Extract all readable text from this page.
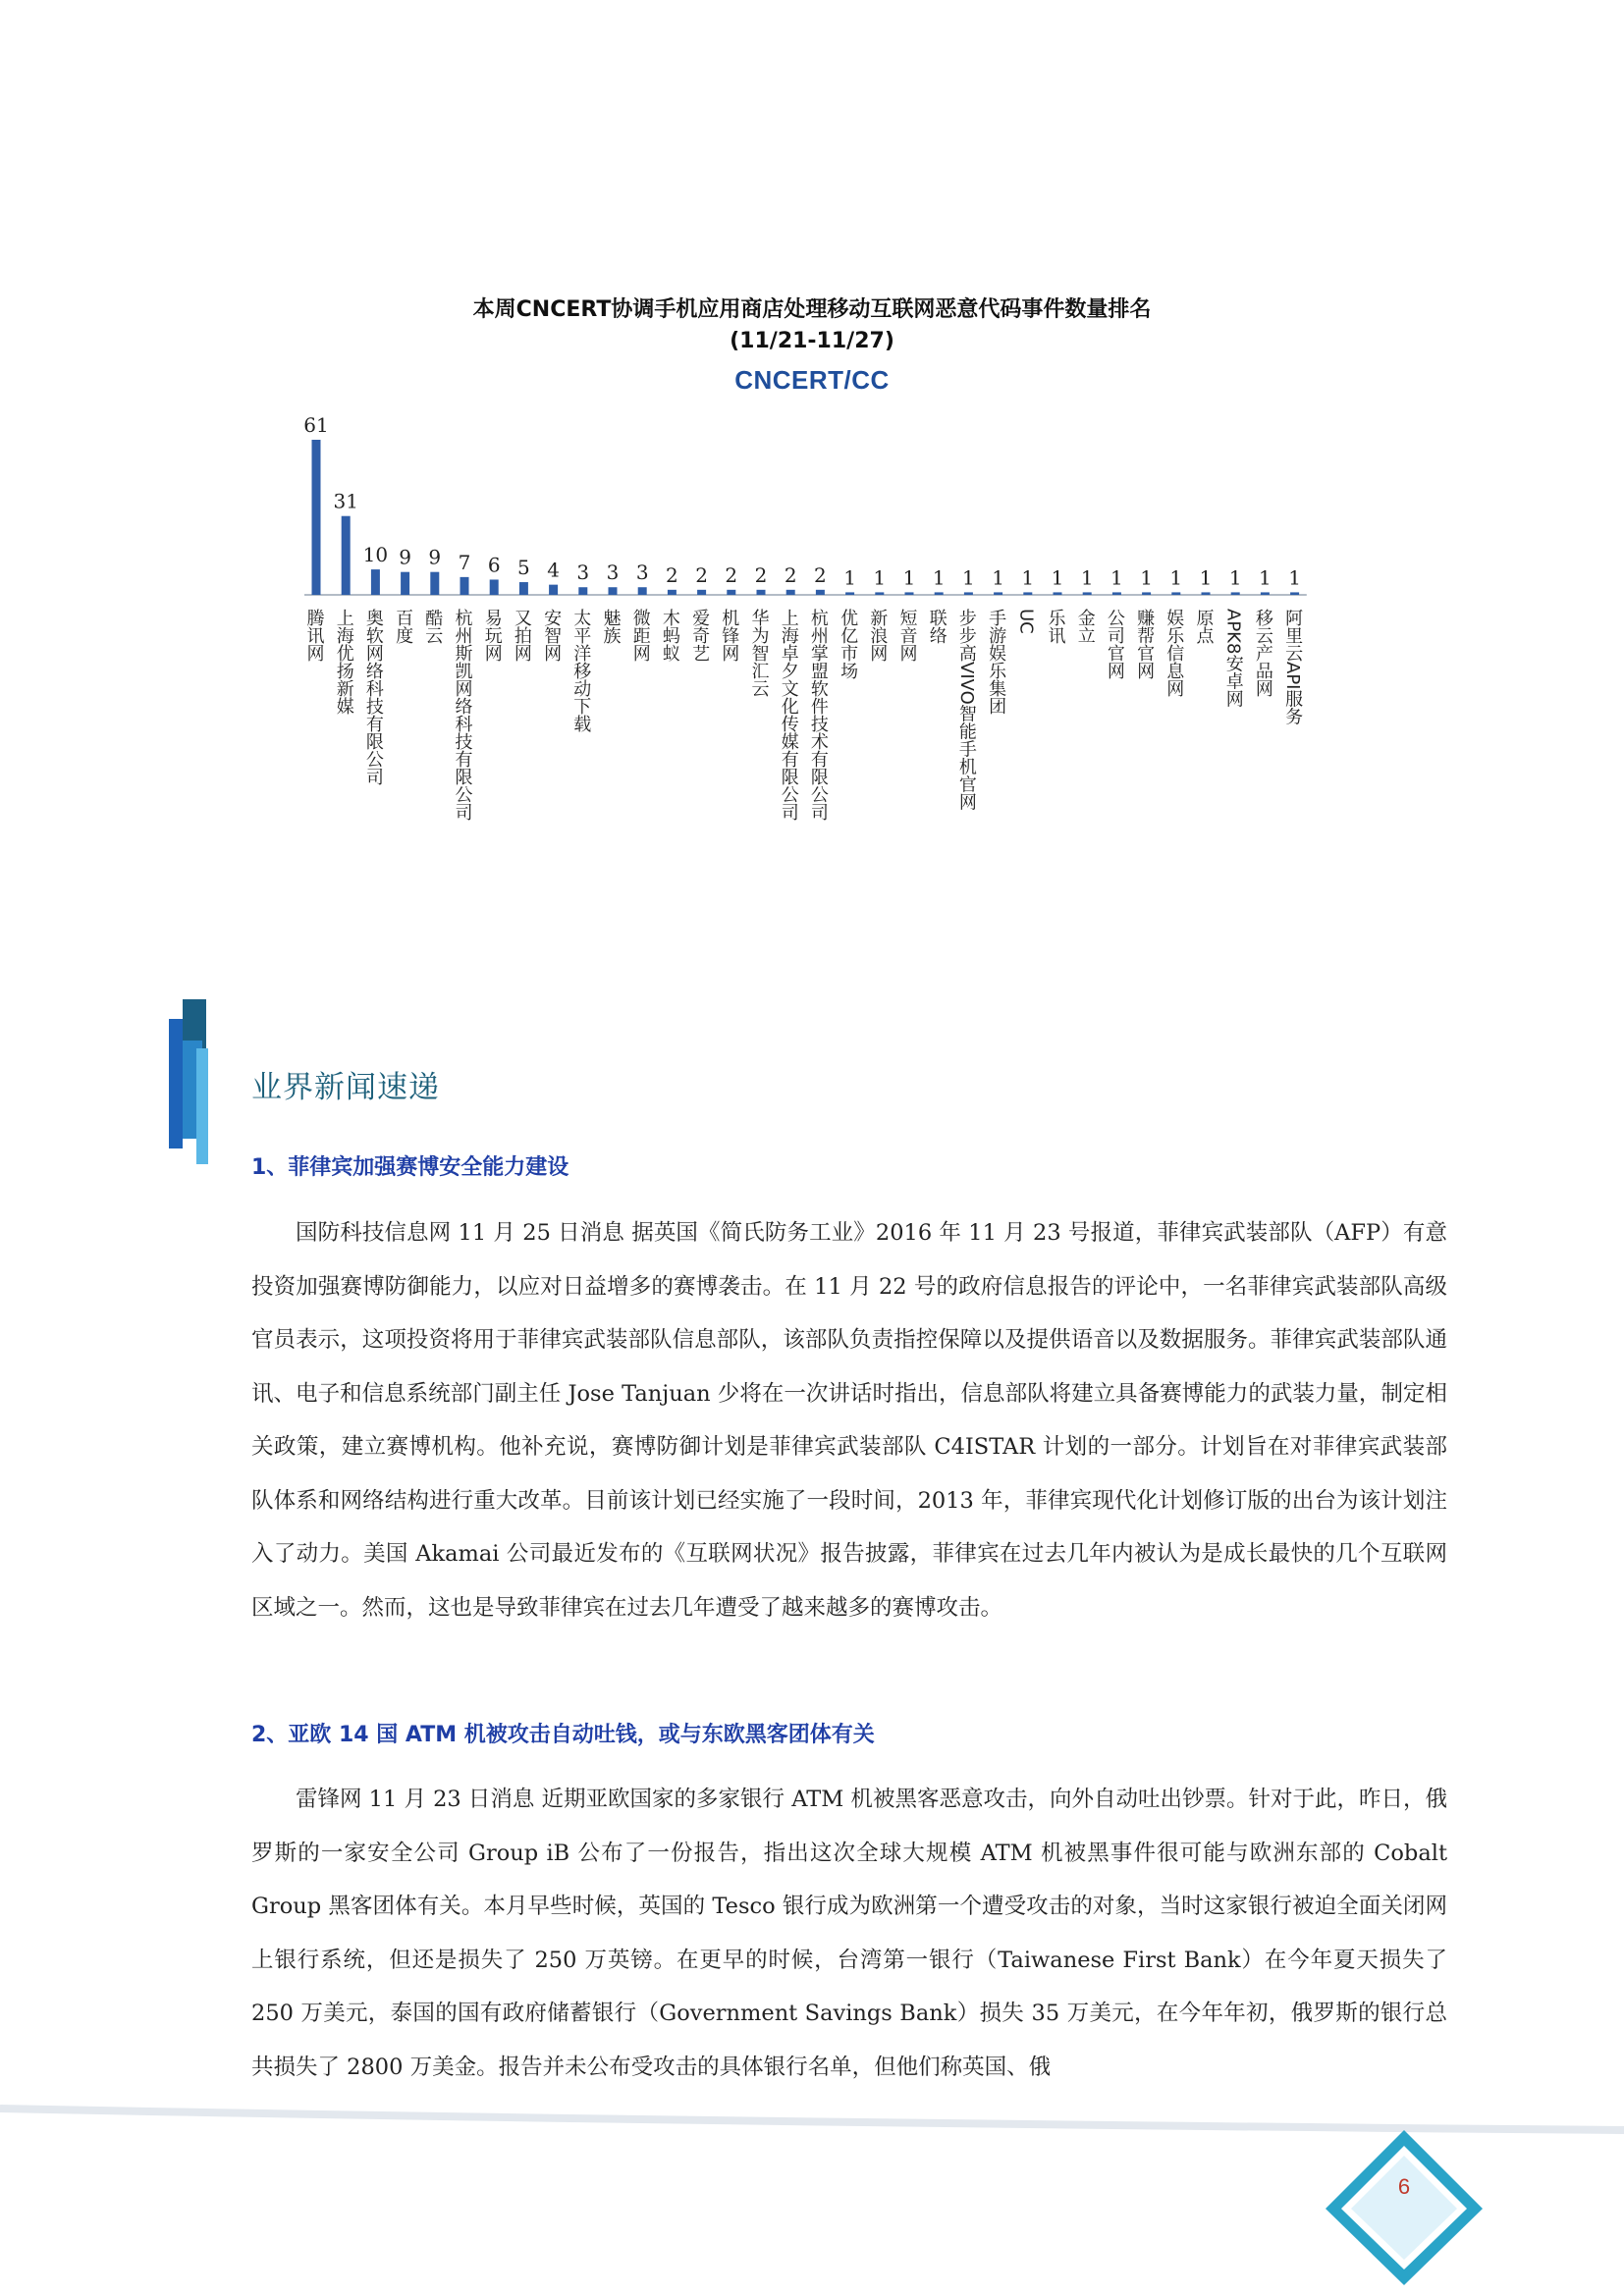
本周CNCERT协调手机应用商店处理移动互联网恶意代码事件数量排名
(11/21-11/27)
CNCERT/CC
61
腾讯网
31
上海优扬新媒
10
奥软网络科技有限公司
9
百度
9
酷云
7
杭州斯凯网络科技有限公司
6
易玩网
5
又拍网
4
安智网
3
太平洋移动下载
3
魅族
3
微距网
2
木蚂蚁
2
爱奇艺
2
机锋网
2
华为智汇云
2
上海卓夕文化传媒有限公司
2
杭州掌盟软件技术有限公司
1
优亿市场
1
新浪网
1
短音网
1
联络
1
步步高VIVO智能手机官网
1
手游娱乐集团
1
UC
1
乐讯
1
金立
1
公司官网
1
赚帮官网
1
娱乐信息网
1
原点
1
APK8安卓网
1
移云产品网
1
阿里云API服务
业界新闻速递
1、菲律宾加强赛博安全能力建设
国防科技信息网 11 月 25 日消息 据英国《简氏防务工业》2016 年 11 月 23 号报道，菲律宾武装部队（AFP）有意投资加强赛博防御能力，以应对日益增多的赛博袭击。在 11 月 22 号的政府信息报告的评论中，一名菲律宾武装部队高级官员表示，这项投资将用于菲律宾武装部队信息部队，该部队负责指控保障以及提供语音以及数据服务。菲律宾武装部队通讯、电子和信息系统部门副主任 Jose Tanjuan 少将在一次讲话时指出，信息部队将建立具备赛博能力的武装力量，制定相关政策，建立赛博机构。他补充说，赛博防御计划是菲律宾武装部队 C4ISTAR 计划的一部分。计划旨在对菲律宾武装部队体系和网络结构进行重大改革。目前该计划已经实施了一段时间，2013 年，菲律宾现代化计划修订版的出台为该计划注入了动力。美国 Akamai 公司最近发布的《互联网状况》报告披露，菲律宾在过去几年内被认为是成长最快的几个互联网区域之一。然而，这也是导致菲律宾在过去几年遭受了越来越多的赛博攻击。
2、亚欧 14 国 ATM 机被攻击自动吐钱，或与东欧黑客团体有关
雷锋网 11 月 23 日消息 近期亚欧国家的多家银行 ATM 机被黑客恶意攻击，向外自动吐出钞票。针对于此，昨日，俄罗斯的一家安全公司 Group iB 公布了一份报告，指出这次全球大规模 ATM 机被黑事件很可能与欧洲东部的 Cobalt Group 黑客团体有关。本月早些时候，英国的 Tesco 银行成为欧洲第一个遭受攻击的对象，当时这家银行被迫全面关闭网上银行系统，但还是损失了 250 万英镑。在更早的时候，台湾第一银行（Taiwanese First Bank）在今年夏天损失了 250 万美元，泰国的国有政府储蓄银行（Government Savings Bank）损失 35 万美元，在今年年初，俄罗斯的银行总共损失了 2800 万美金。报告并未公布受攻击的具体银行名单，但他们称英国、俄
6
